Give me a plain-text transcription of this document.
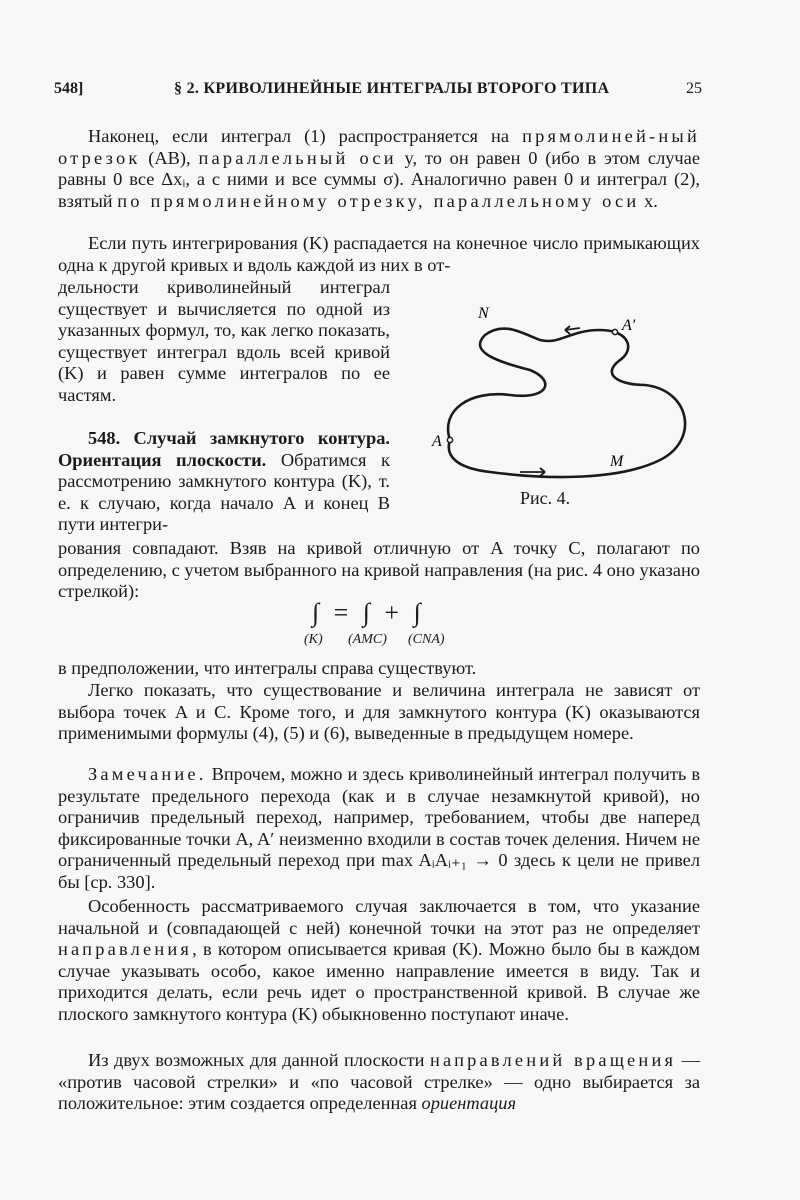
548]	§ 2. КРИВОЛИНЕЙНЫЕ ИНТЕГРАЛЫ ВТОРОГО ТИПА	25

Наконец, если интеграл (1) распространяется на прямолиней-ный отрезок (AB), параллельный оси y, то он равен 0 (ибо в этом случае равны 0 все Δxᵢ, а с ними и все суммы σ). Аналогично равен 0 и интеграл (2), взятый по прямолинейному отрезку, параллельному оси x.

Если путь интегрирования (K) распадается на конечное число примыкающих одна к другой кривых и вдоль каждой из них в от-

дельности криволинейный интеграл существует и вычисляется по одной из указанных формул, то, как легко показать, существует интеграл вдоль всей кривой (K) и равен сумме интегралов по ее частям.

548. Случай замкнутого контура. Ориентация плоскости. Обратимся к рассмотрению замкнутого контура (K), т. е. к случаю, когда начало A и конец B пути интегри-

N
A′
A
M
Рис. 4.

рования совпадают. Взяв на кривой отличную от A точку C, полагают по определению, с учетом выбранного на кривой направления (на рис. 4 оно указано стрелкой):

∫ = ∫ + ∫
(K) (AMC) (CNA)

в предположении, что интегралы справа существуют.

Легко показать, что существование и величина интеграла не зависят от выбора точек A и C. Кроме того, и для замкнутого контура (K) оказываются применимыми формулы (4), (5) и (6), выведенные в предыдущем номере.

Замечание. Впрочем, можно и здесь криволинейный интеграл получить в результате предельного перехода (как и в случае незамкнутой кривой), но ограничив предельный переход, например, требованием, чтобы две наперед фиксированные точки A, A′ неизменно входили в состав точек деления. Ничем не ограниченный предельный переход при max AᵢAᵢ₊₁ → 0 здесь к цели не привел бы [ср. 330].

Особенность рассматриваемого случая заключается в том, что указание начальной и (совпадающей с ней) конечной точки на этот раз не определяет направления, в котором описывается кривая (K). Можно было бы в каждом случае указывать особо, какое именно направление имеется в виду. Так и приходится делать, если речь идет о пространственной кривой. В случае же плоского замкнутого контура (K) обыкновенно поступают иначе.

Из двух возможных для данной плоскости направлений вращения — «против часовой стрелки» и «по часовой стрелке» — одно выбирается за положительное: этим создается определенная ориентация
